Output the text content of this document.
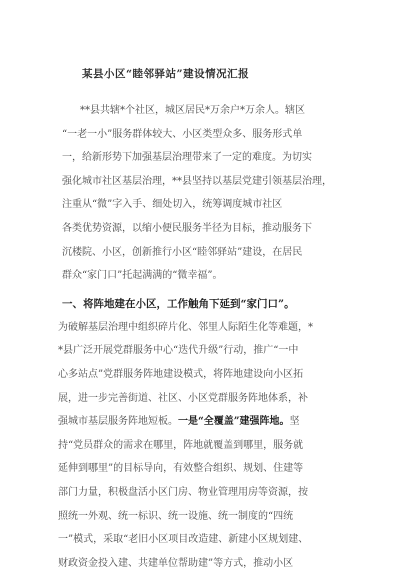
某县小区“睦邻驿站”建设情况汇报
**县共辖*个社区，城区居民*万余户*万余人。辖区
“一老一小”服务群体较大、小区类型众多、服务形式单
一，给新形势下加强基层治理带来了一定的难度。为切实
强化城市社区基层治理，**县坚持以基层党建引领基层治理，
注重从“微”字入手、细处切入，统筹调度城市社区
各类优势资源，以缩小便民服务半径为目标，推动服务下
沉楼院、小区，创新推行小区“睦邻驿站”建设，在居民
群众“家门口”托起满满的“微幸福”。
一、将阵地建在小区，工作触角下延到“家门口”。
为破解基层治理中组织碎片化、邻里人际陌生化等难题，*
*县广泛开展党群服务中心“迭代升级”行动，推广“一中
心多站点”党群服务阵地建设模式，将阵地建设向小区拓
展，进一步完善街道、社区、小区党群服务阵地体系，补
强城市基层服务阵地短板。一是“全覆盖”建强阵地。坚
持“党员群众的需求在哪里，阵地就覆盖到哪里，服务就
延伸到哪里”的目标导向，有效整合组织、规划、住建等
部门力量，积极盘活小区门房、物业管理用房等资源，按
照统一外观、统一标识、统一设施、统一制度的“四统
一”模式，采取“老旧小区项目改造建、新建小区规划建、
财政资金投入建、共建单位帮助建”等方式，推动小区
